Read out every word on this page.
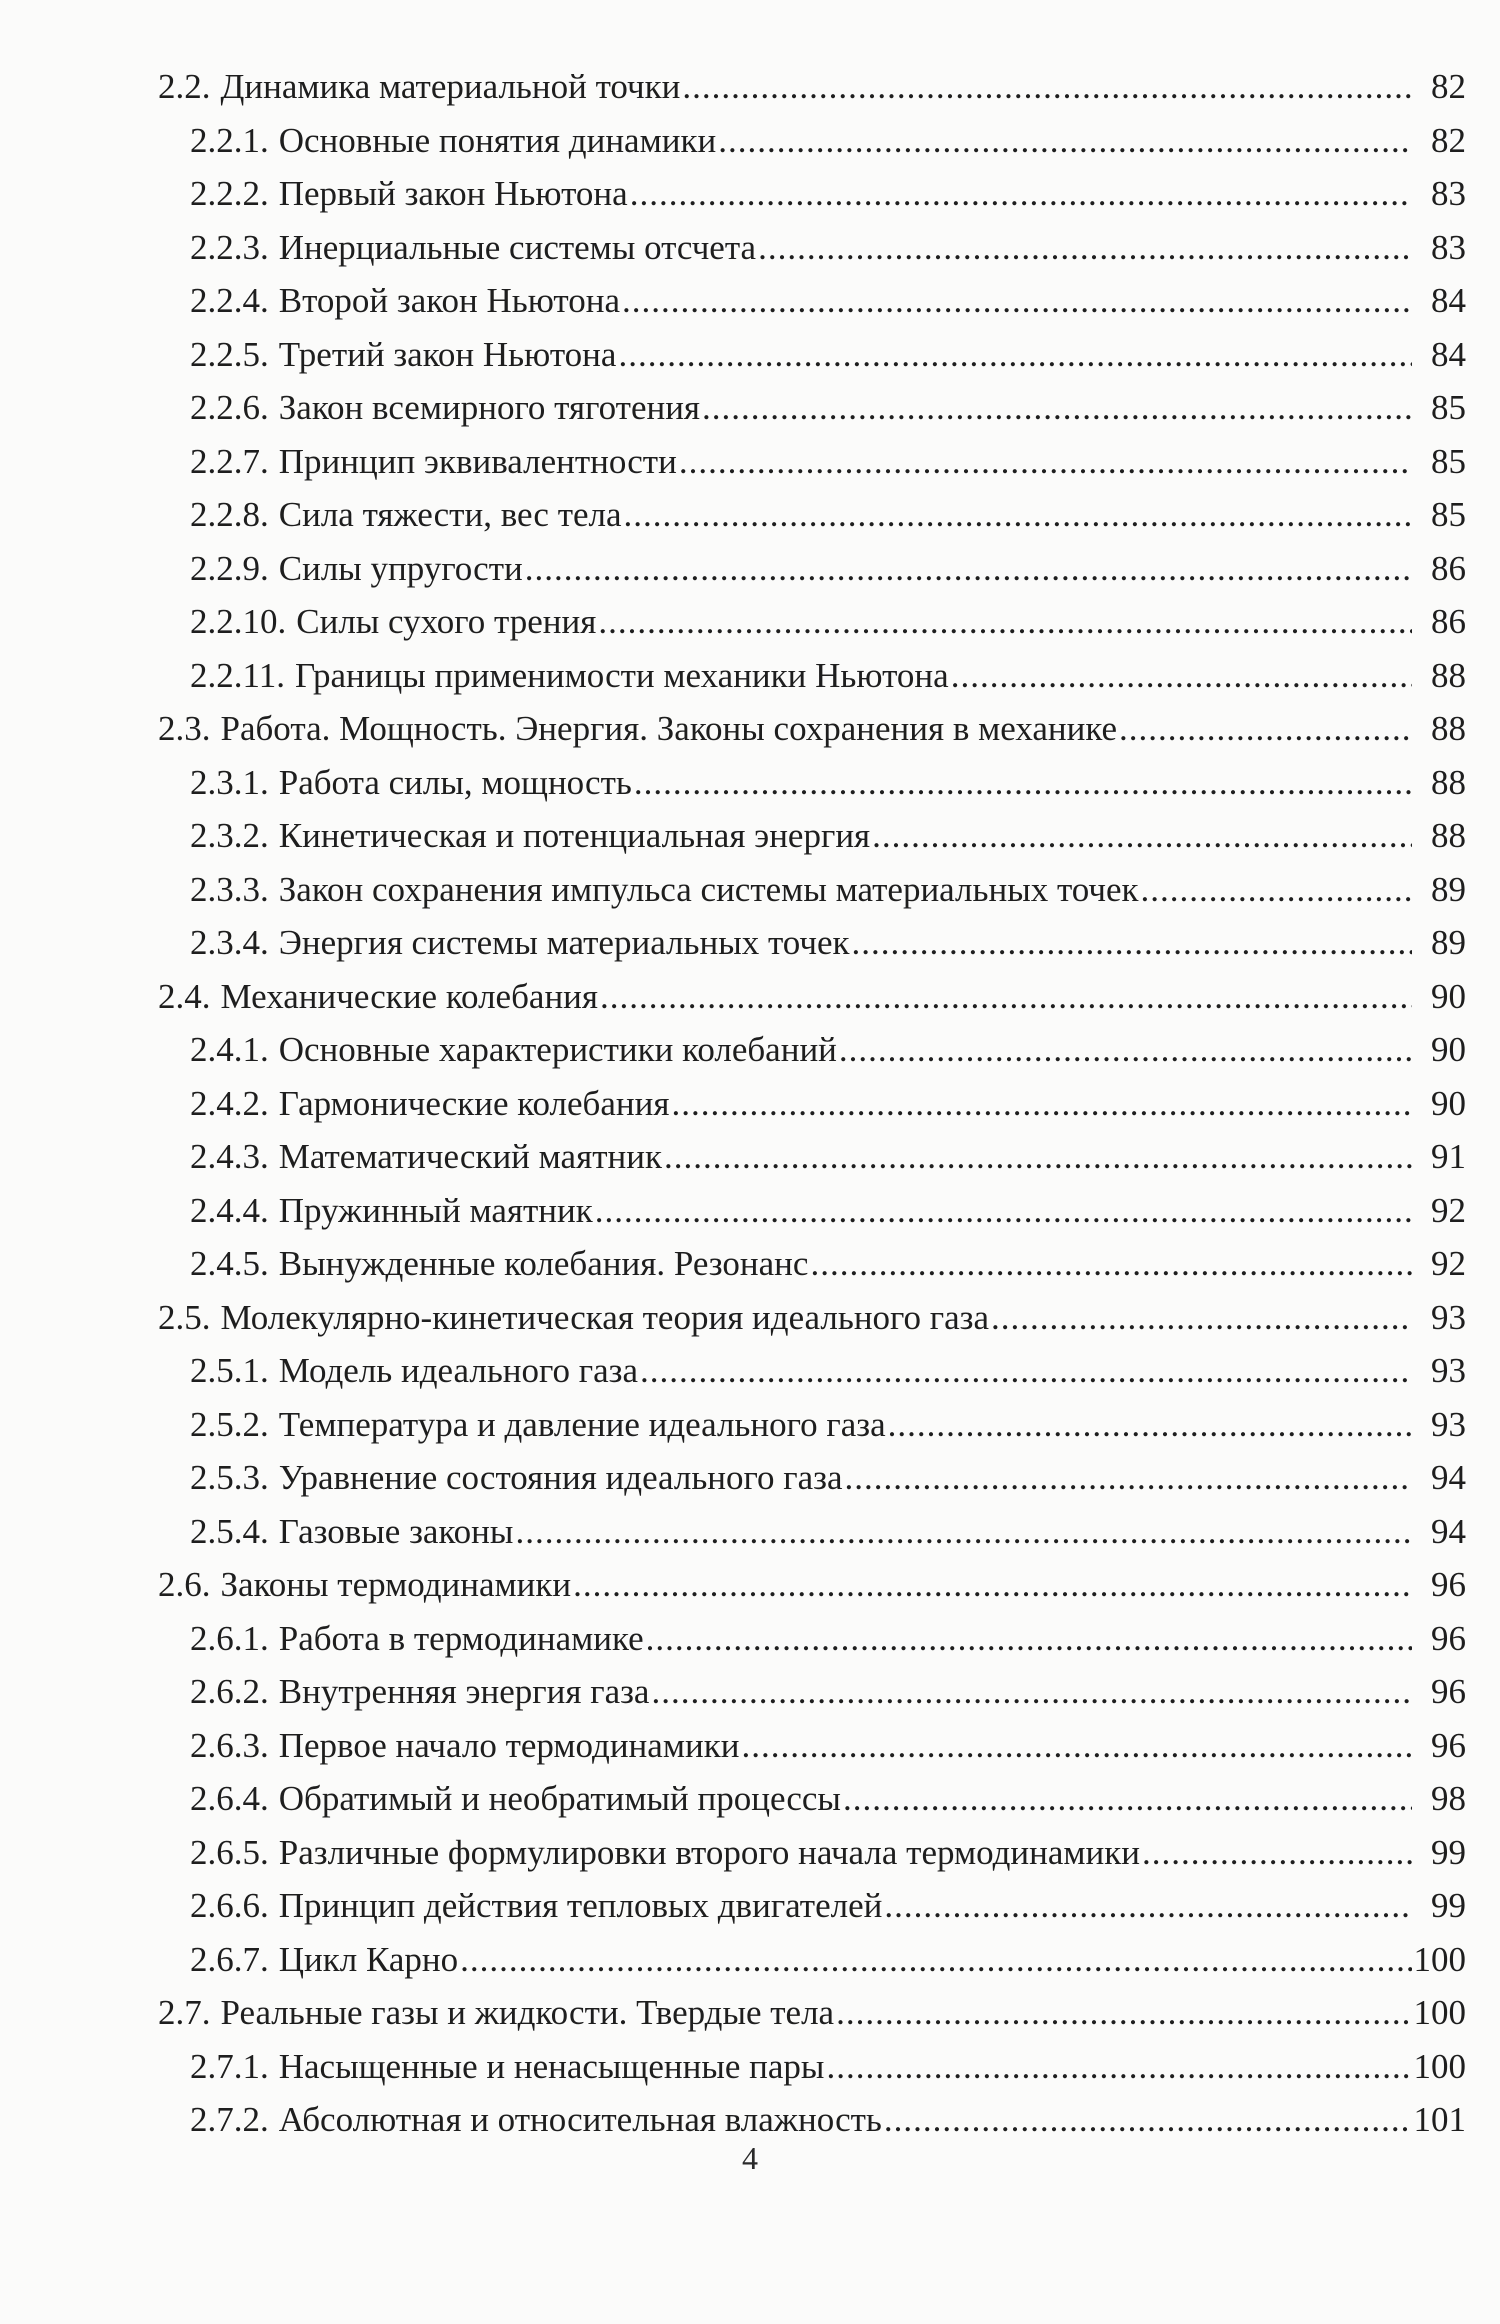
2.2. Динамика материальной точки .....	82
2.2.1. Основные понятия динамики .....	82
2.2.2. Первый закон Ньютона .....	83
2.2.3. Инерциальные системы отсчета .....	83
2.2.4. Второй закон Ньютона .....	84
2.2.5. Третий закон Ньютона .....	84
2.2.6. Закон всемирного тяготения .....	85
2.2.7. Принцип эквивалентности .....	85
2.2.8. Сила тяжести, вес тела .....	85
2.2.9. Силы упругости .....	86
2.2.10. Силы сухого трения .....	86
2.2.11. Границы применимости механики Ньютона .....	88
2.3. Работа. Мощность. Энергия. Законы сохранения в механике .....	88
2.3.1. Работа силы, мощность .....	88
2.3.2. Кинетическая и потенциальная энергия .....	88
2.3.3. Закон сохранения импульса системы материальных точек .....	89
2.3.4. Энергия системы материальных точек .....	89
2.4. Механические колебания .....	90
2.4.1. Основные характеристики колебаний .....	90
2.4.2. Гармонические колебания .....	90
2.4.3. Математический маятник .....	91
2.4.4. Пружинный маятник .....	92
2.4.5. Вынужденные колебания. Резонанс .....	92
2.5. Молекулярно-кинетическая теория идеального газа .....	93
2.5.1. Модель идеального газа .....	93
2.5.2. Температура и давление идеального газа .....	93
2.5.3. Уравнение состояния идеального газа .....	94
2.5.4. Газовые законы .....	94
2.6. Законы термодинамики .....	96
2.6.1. Работа в термодинамике .....	96
2.6.2. Внутренняя энергия газа .....	96
2.6.3. Первое начало термодинамики .....	96
2.6.4. Обратимый и необратимый процессы .....	98
2.6.5. Различные формулировки второго начала термодинамики .....	99
2.6.6. Принцип действия тепловых двигателей .....	99
2.6.7. Цикл Карно .....	100
2.7. Реальные газы и жидкости. Твердые тела .....	100
2.7.1. Насыщенные и ненасыщенные пары .....	100
2.7.2. Абсолютная и относительная влажность .....	101
4
